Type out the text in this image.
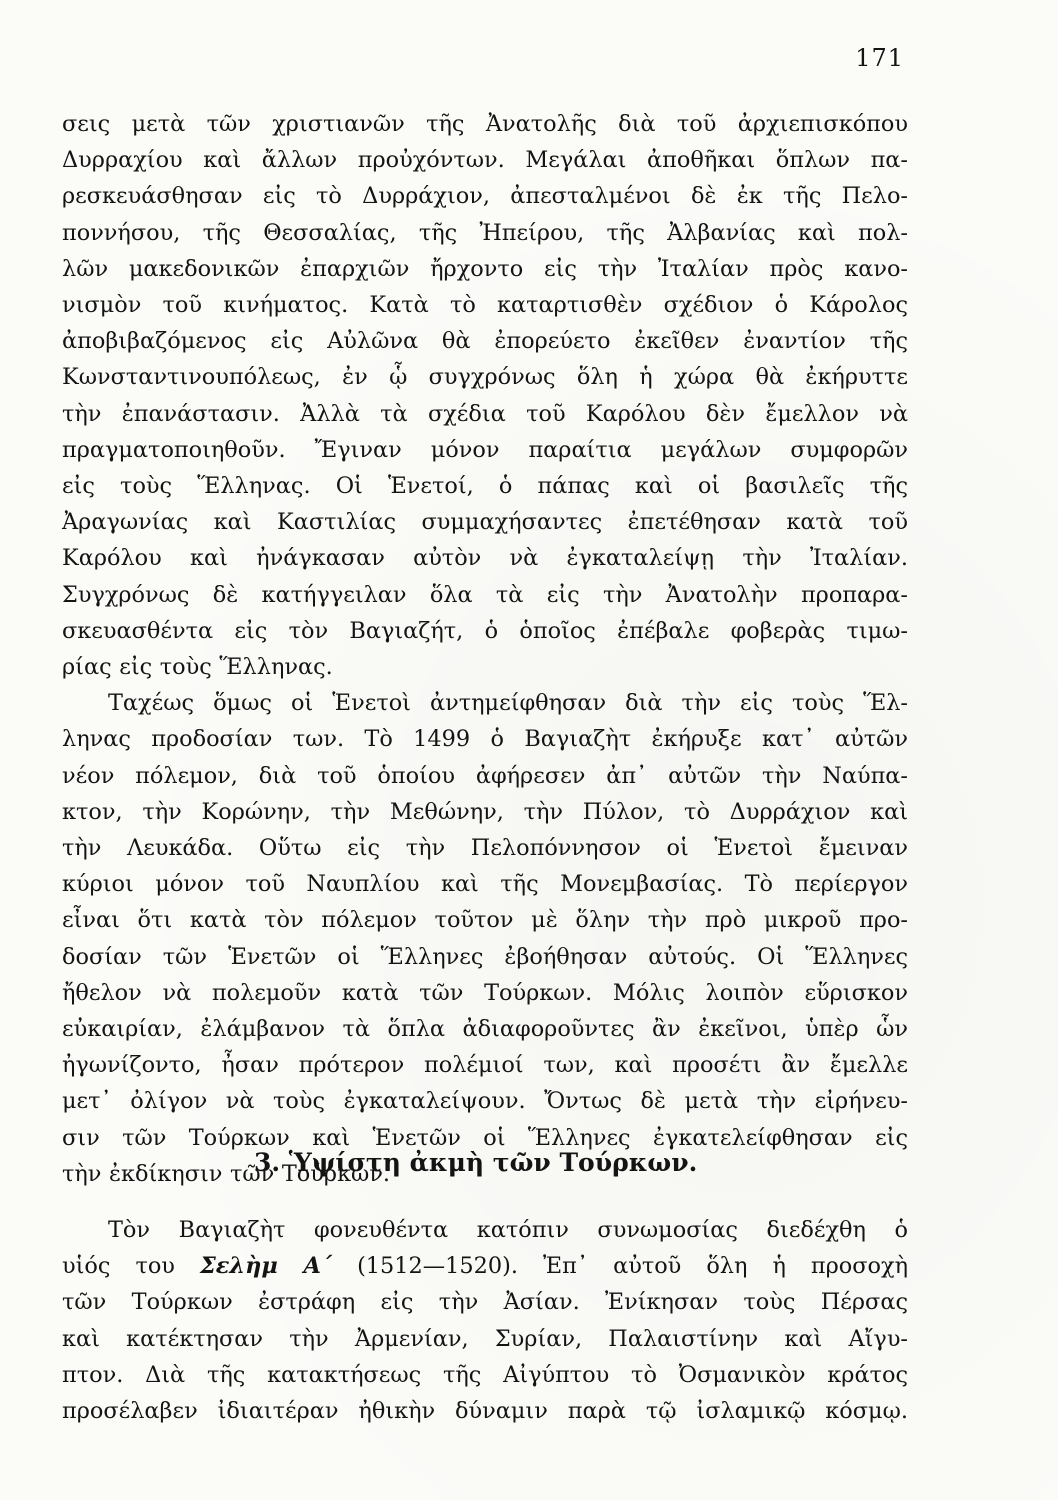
171

σεις μετὰ τῶν χριστιανῶν τῆς Ἀνατολῆς διὰ τοῦ ἀρχιεπισκόπου
Δυρραχίου καὶ ἄλλων προὐχόντων. Μεγάλαι ἀποθῆκαι ὅπλων πα-
ρεσκευάσθησαν εἰς τὸ Δυρράχιον, ἀπεσταλμένοι δὲ ἐκ τῆς Πελο-
ποννήσου, τῆς Θεσσαλίας, τῆς Ἠπείρου, τῆς Ἀλβανίας καὶ πολ-
λῶν μακεδονικῶν ἐπαρχιῶν ἤρχοντο εἰς τὴν Ἰταλίαν πρὸς κανο-
νισμὸν τοῦ κινήματος. Κατὰ τὸ καταρτισθὲν σχέδιον ὁ Κάρολος
ἀποβιβαζόμενος εἰς Αὐλῶνα θὰ ἐπορεύετο ἐκεῖθεν ἐναντίον τῆς
Κωνσταντινουπόλεως, ἐν ᾧ συγχρόνως ὅλη ἡ χώρα θὰ ἐκήρυττε
τὴν ἐπανάστασιν. Ἀλλὰ τὰ σχέδια τοῦ Καρόλου δὲν ἔμελλον νὰ
πραγματοποιηθοῦν. Ἔγιναν μόνον παραίτια μεγάλων συμφορῶν
εἰς τοὺς Ἕλληνας. Οἱ Ἑνετοί, ὁ πάπας καὶ οἱ βασιλεῖς τῆς
Ἀραγωνίας καὶ Καστιλίας συμμαχήσαντες ἐπετέθησαν κατὰ τοῦ
Καρόλου καὶ ἠνάγκασαν αὐτὸν νὰ ἐγκαταλείψῃ τὴν Ἰταλίαν.
Συγχρόνως δὲ κατήγγειλαν ὅλα τὰ εἰς τὴν Ἀνατολὴν προπαρα-
σκευασθέντα εἰς τὸν Βαγιαζήτ, ὁ ὁποῖος ἐπέβαλε φοβερὰς τιμω-
ρίας εἰς τοὺς Ἕλληνας.

Ταχέως ὅμως οἱ Ἑνετοὶ ἀντημείφθησαν διὰ τὴν εἰς τοὺς Ἕλ-
ληνας προδοσίαν των. Τὸ 1499 ὁ Βαγιαζὴτ ἐκήρυξε κατ᾿ αὐτῶν
νέον πόλεμον, διὰ τοῦ ὁποίου ἀφήρεσεν ἀπ᾿ αὐτῶν τὴν Ναύπα-
κτον, τὴν Κορώνην, τὴν Μεθώνην, τὴν Πύλον, τὸ Δυρράχιον καὶ
τὴν Λευκάδα. Οὕτω εἰς τὴν Πελοπόννησον οἱ Ἑνετοὶ ἔμειναν
κύριοι μόνον τοῦ Ναυπλίου καὶ τῆς Μονεμβασίας. Τὸ περίεργον
εἶναι ὅτι κατὰ τὸν πόλεμον τοῦτον μὲ ὅλην τὴν πρὸ μικροῦ προ-
δοσίαν τῶν Ἑνετῶν οἱ Ἕλληνες ἐβοήθησαν αὐτούς. Οἱ Ἕλληνες
ἤθελον νὰ πολεμοῦν κατὰ τῶν Τούρκων. Μόλις λοιπὸν εὕρισκον
εὐκαιρίαν, ἐλάμβανον τὰ ὅπλα ἀδιαφοροῦντες ἂν ἐκεῖνοι, ὑπὲρ ὧν
ἠγωνίζοντο, ἦσαν πρότερον πολέμιοί των, καὶ προσέτι ἂν ἔμελλε
μετ᾿ ὀλίγον νὰ τοὺς ἐγκαταλείψουν. Ὄντως δὲ μετὰ τὴν εἰρήνευ-
σιν τῶν Τούρκων καὶ Ἑνετῶν οἱ Ἕλληνες ἐγκατελείφθησαν εἰς
τὴν ἐκδίκησιν τῶν Τούρκων.

3. Ὑψίστη ἀκμὴ τῶν Τούρκων.

Τὸν Βαγιαζὴτ φονευθέντα κατόπιν συνωμοσίας διεδέχθη ὁ
υἱός του Σελὴμ Α΄ (1512—1520). Ἐπ᾿ αὐτοῦ ὅλη ἡ προσοχὴ
τῶν Τούρκων ἐστράφη εἰς τὴν Ἀσίαν. Ἐνίκησαν τοὺς Πέρσας
καὶ κατέκτησαν τὴν Ἀρμενίαν, Συρίαν, Παλαιστίνην καὶ Αἴγυ-
πτον. Διὰ τῆς κατακτήσεως τῆς Αἰγύπτου τὸ Ὀσμανικὸν κράτος
προσέλαβεν ἰδιαιτέραν ἠθικὴν δύναμιν παρὰ τῷ ἰσλαμικῷ κόσμῳ.
